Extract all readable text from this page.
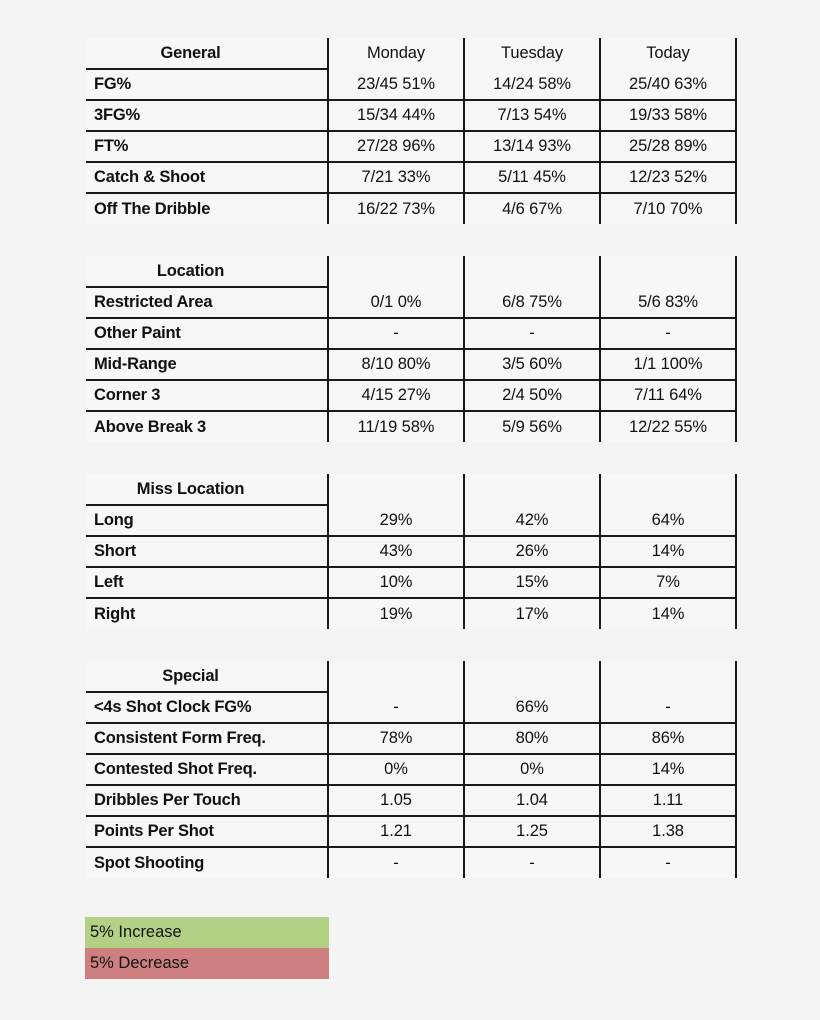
General	Monday	Tuesday	Today
FG%	23/45 51%	14/24 58%	25/40 63%
3FG%	15/34 44%	7/13 54%	19/33 58%
FT%	27/28 96%	13/14 93%	25/28 89%
Catch & Shoot	7/21 33%	5/11 45%	12/23 52%
Off The Dribble	16/22 73%	4/6 67%	7/10 70%
Location			
Restricted Area	0/1 0%	6/8 75%	5/6 83%
Other Paint	-	-	-
Mid-Range	8/10 80%	3/5 60%	1/1 100%
Corner 3	4/15 27%	2/4 50%	7/11 64%
Above Break 3	11/19 58%	5/9 56%	12/22 55%
Miss Location			
Long	29%	42%	64%
Short	43%	26%	14%
Left	10%	15%	7%
Right	19%	17%	14%
Special			
<4s Shot Clock FG%	-	66%	-
Consistent Form Freq.	78%	80%	86%
Contested Shot Freq.	0%	0%	14%
Dribbles Per Touch	1.05	1.04	1.11
Points Per Shot	1.21	1.25	1.38
Spot Shooting	-	-	-
5% Increase
5% Decrease
